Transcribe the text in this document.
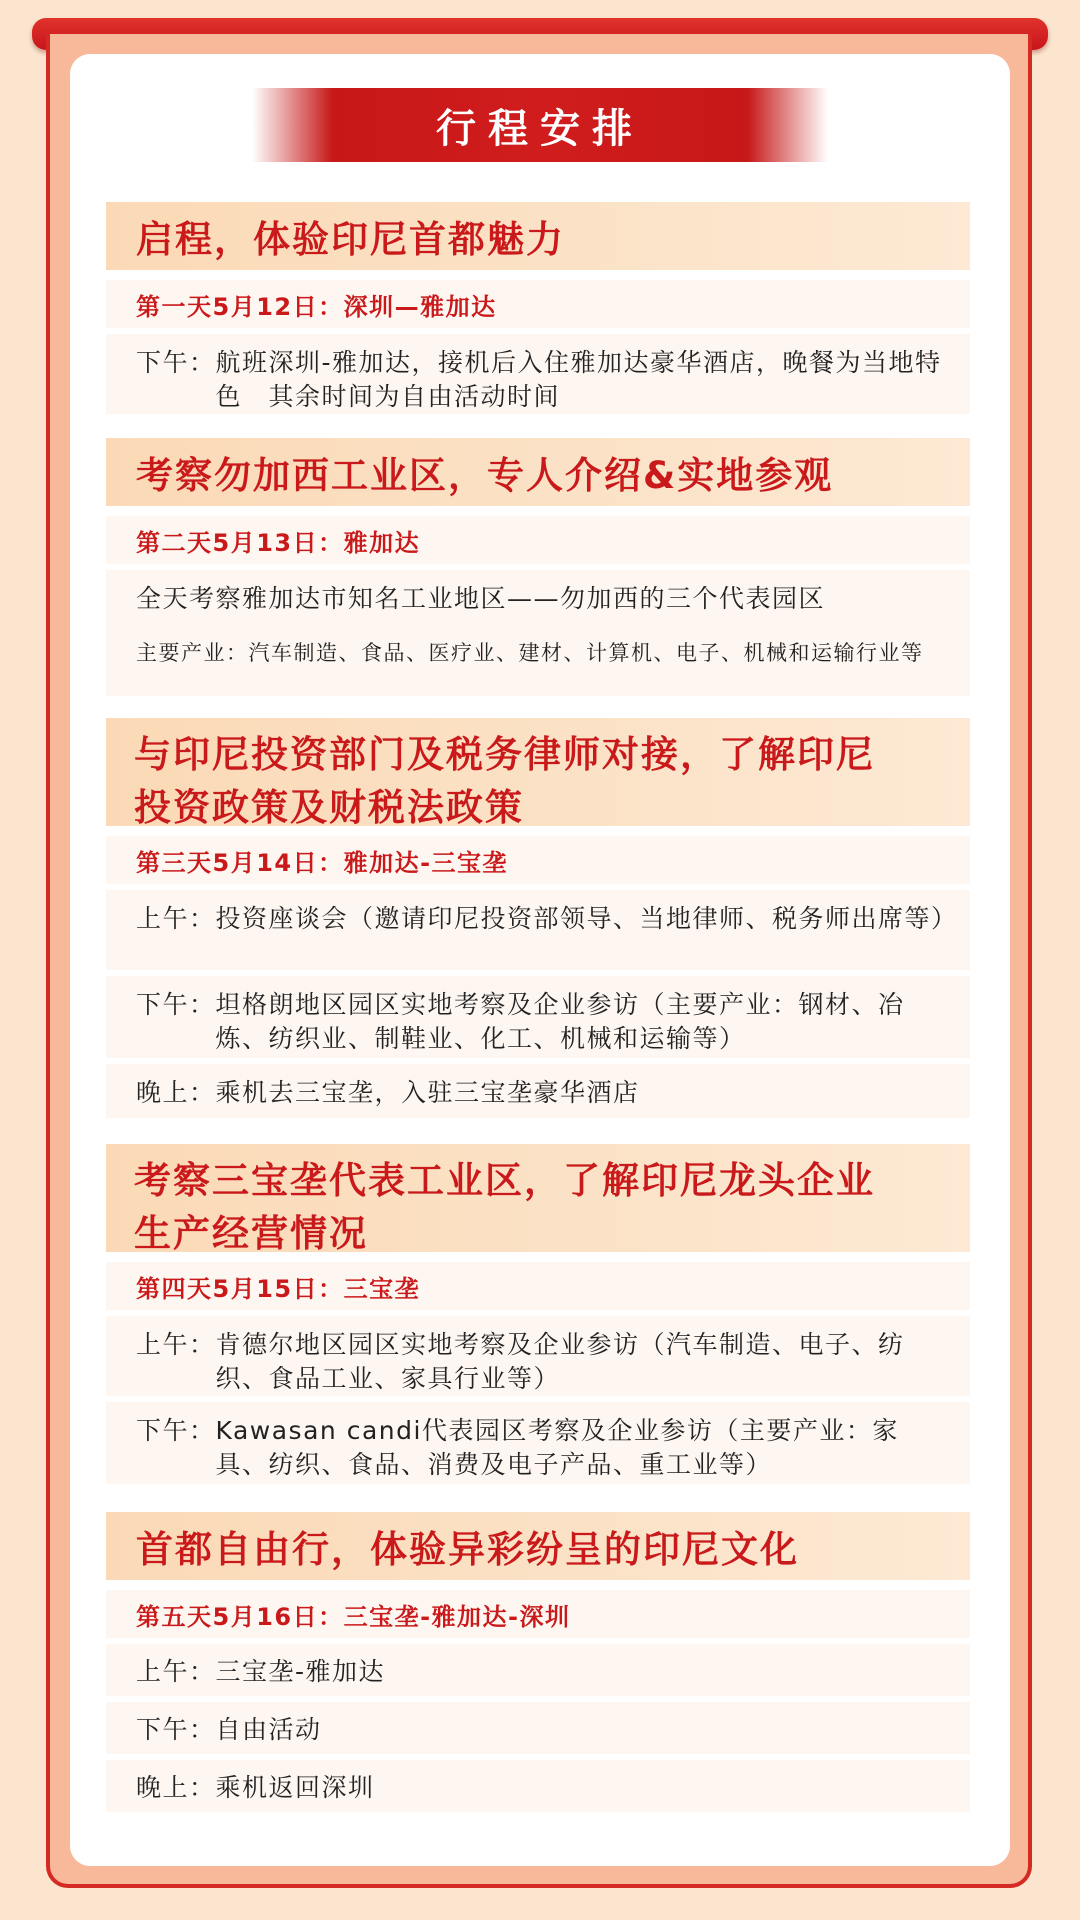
行程安排
启程，体验印尼首都魅力
第一天5月12日：深圳—雅加达
下午： 航班深圳-雅加达，接机后入住雅加达豪华酒店，晚餐为当地特色　其余时间为自由活动时间
考察勿加西工业区，专人介绍&实地参观
第二天5月13日：雅加达
全天考察雅加达市知名工业地区——勿加西的三个代表园区
主要产业： 汽车制造、食品、医疗业、建材、计算机、电子、机械和运输行业等
与印尼投资部门及税务律师对接，了解印尼
投资政策及财税法政策
第三天5月14日：雅加达-三宝垄
上午： 投资座谈会（邀请印尼投资部领导、当地律师、税务师出席等）
下午： 坦格朗地区园区实地考察及企业参访（主要产业：钢材、冶炼、纺织业、制鞋业、化工、机械和运输等）
晚上： 乘机去三宝垄，入驻三宝垄豪华酒店
考察三宝垄代表工业区，了解印尼龙头企业
生产经营情况
第四天5月15日：三宝垄
上午： 肯德尔地区园区实地考察及企业参访（汽车制造、电子、纺织、食品工业、家具行业等）
下午： Kawasan candi代表园区考察及企业参访（主要产业：家具、纺织、食品、消费及电子产品、重工业等）
首都自由行，体验异彩纷呈的印尼文化
第五天5月16日：三宝垄-雅加达-深圳
上午： 三宝垄-雅加达
下午： 自由活动
晚上： 乘机返回深圳
